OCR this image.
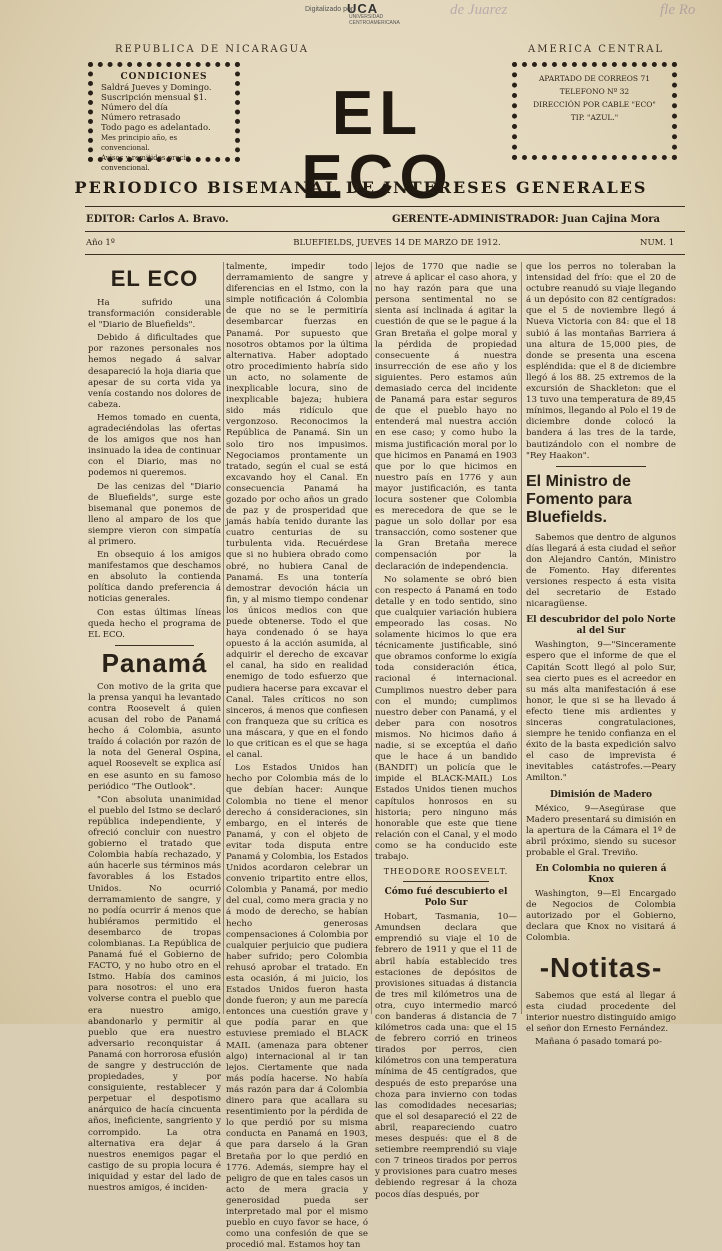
Digitalizado por
UCA
UNIVERSIDAD CENTROAMERICANA
de Juarez	fle Ro
REPUBLICA DE NICARAGUA	AMERICA CENTRAL
CONDICIONES
Saldrá Jueves y Domingo.
Suscripción mensual $1.
Número del día
Número retrasado
Todo pago es adelantado.
Mes principio año, es convencional.
Avisos y remitidos precio convencional.
EL ECO
APARTADO DE CORREOS 71
TELEFONO Nº 32
DIRECCIÓN POR CABLE "ECO"
TIP. "AZUL."
PERIODICO BISEMANAL DE INTERESES GENERALES
EDITOR: Carlos A. Bravo.	GERENTE-ADMINISTRADOR: Juan Cajina Mora
Año 1º	BLUEFIELDS, JUEVES 14 DE MARZO DE 1912.	NUM. 1
EL ECO

Ha sufrido una transformación considerable el "Diario de Bluefields".

Debido á dificultades que por razones personales nos hemos negado á salvar desapareció la hoja diaria que apesar de su corta vida ya venía costando nos dolores de cabeza.

Hemos tomado en cuenta, agradeciéndolas las ofertas de los amigos que nos han insinuado la idea de continuar con el Diario, mas no podemos ni queremos.

De las cenizas del "Diario de Bluefields", surge este bisemanal que ponemos de lleno al amparo de los que siempre vieron con simpatía al primero.

En obsequio á los amigos manifestamos que deschamos en absoluto la contienda política dando preferencia á noticias generales.

Con estas últimas líneas queda hecho el programa de EL ECO.

Panamá

Con motivo de la grita que la prensa yanqui ha levantado contra Roosevelt á quien acusan del robo de Panamá hecho á Colombia, asunto traído á colación por razón de la nota del General Ospina, aquel Roosevelt se explica así en ese asunto en su famoso periódico "The Outlook".

"Con absoluta unanimidad el pueblo del Istmo se declaró república independiente, y ofreció concluir con nuestro gobierno el tratado que Colombia había rechazado, y aún hacerle sus términos más favorables á los Estados Unidos. No ocurrió derramamiento de sangre, y no podía ocurrir á menos que hubiéramos permitido el desembarco de tropas colombianas. La República de Panamá fué el Gobierno de FACTO, y no hubo otro en el Istmo. Había dos caminos para nosotros: el uno era volverse contra el pueblo que era nuestro amigo, abandonarlo y permitir al pueblo que era nuestro adversario reconquistar á Panamá con horrorosa efusión de sangre y destrucción de propiedades, y por consiguiente, restablecer y perpetuar el despotismo anárquico de hacía cincuenta años, ineficiente, sangriento y corrompido. La otra alternativa era dejar á nuestros enemigos pagar el castigo de su propia locura é iniquidad y estar del lado de nuestros amigos, é inciden-

talmente, impedir todo derramamiento de sangre y diferencias en el Istmo, con la simple notificación á Colombia de que no se le permitiría desembarcar fuerzas en Panamá. Por supuesto que nosotros obtamos por la última alternativa. Haber adoptado otro procedimiento habría sido un acto, no solamente de inexplicable locura, sino de inexplicable bajeza; hubiera sido más ridículo que vergonzoso. Reconocimos la República de Panamá. Sin un solo tiro nos impusimos. Negociamos prontamente un tratado, según el cual se está excavando hoy el Canal. En consecuencia Panamá ha gozado por ocho años un grado de paz y de prosperidad que jamás había tenido durante las cuatro centurias de su turbulenta vida. Recuérdese que si no hubiera obrado como obré, no hubiera Canal de Panamá. Es una tontería demostrar devoción hácia un fin, y al mismo tiempo condenar los únicos medios con que puede obtenerse. Todo el que haya condenado ó se haya opuesto á la acción asumida, al adquirir el derecho de excavar el canal, ha sido en realidad enemigo de todo esfuerzo que pudiera hacerse para excavar el Canal. Tales críticos no son sinceros, á menos que confiesen con franqueza que su crítica es una máscara, y que en el fondo lo que critican es el que se haga el canal.

Los Estados Unidos han hecho por Colombia más de lo que debían hacer: Aunque Colombia no tiene el menor derecho á consideraciones, sin embargo, en el interés de Panamá, y con el objeto de evitar toda disputa entre Panamá y Colombia, los Estados Unidos acordaron celebrar un convenio tripartito entre ellos, Colombia y Panamá, por medio del cual, como mera gracia y no á modo de derecho, se habían hecho generosas compensaciones á Colombia por cualquier perjuicio que pudiera haber sufrido; pero Colombia rehusó aprobar el tratado. En esta ocasión, á mi juicio, los Estados Unidos fueron hasta donde fueron; y aun me parecía entonces una cuestión grave y que podía parar en que estuviese premiado el BLACK MAIL (amenaza para obtener algo) internacional al ir tan lejos. Ciertamente que nada más podía hacerse. No había más razón para dar á Colombia dinero para que acallara su resentimiento por la pérdida de lo que perdió por su misma conducta en Panamá en 1903, que para darselo á la Gran Bretaña por lo que perdió en 1776. Además, siempre hay el peligro de que en tales casos un acto de mera gracia y generosidad pueda ser interpretado mal por el mismo pueblo en cuyo favor se hace, ó como una confesión de que se procedió mal. Estamos hoy tan

lejos de 1770 que nadie se atreve á aplicar el caso ahora, y no hay razón para que una persona sentimental no se sienta así inclinada á agitar la cuestión de que se le pague á la Gran Bretaña el golpe moral y la pérdida de propiedad consecuente á nuestra insurrección de ese año y los siguientes. Pero estamos aún demasiado cerca del incidente de Panamá para estar seguros de que el pueblo hayo no entenderá mal nuestra acción en ese caso; y como hubo la misma justificación moral por lo que hicimos en Panamá en 1903 que por lo que hicimos en nuestro país en 1776 y aun mayor justificación, es tanta locura sostener que Colombia es merecedora de que se le pague un solo dollar por esa transacción, como sostener que la Gran Bretaña merece compensación por la declaración de independencia.

No solamente se obró bien con respecto á Panamá en todo detalle y en todo sentido, sino que cualquier variación hubiera empeorado las cosas. No solamente hicimos lo que era técnicamente justificable, sinó que obramos conforme lo exigía toda consideración ética, racional é internacional. Cumplimos nuestro deber para con el mundo; cumplimos nuestro deber con Panamá, y el deber para con nosotros mismos. No hicimos daño á nadie, si se exceptúa el daño que le hace á un bandido (BANDIT) un policía que le impide el BLACK-MAIL) Los Estados Unidos tienen muchos capítulos honrosos en su historia; pero ninguno más honorable que este que tiene relación con el Canal, y el modo como se ha conducido este trabajo.

THEODORE ROOSEVELT.
Cómo fué descubierto el Polo Sur

Hobart, Tasmania, 10—Amundsen declara que emprendió su viaje el 10 de febrero de 1911 y que el 11 de abril había establecido tres estaciones de depósitos de provisiones situadas á distancia de tres mil kilómetros una de otra, cuyo intermedio marcó con banderas á distancia de 7 kilómetros cada una: que el 15 de febrero corrió en trineos tirados por perros, cien kilómetros con una temperatura mínima de 45 centígrados, que después de esto preparóse una choza para invierno con todas las comodidades necesarias; que el sol desapareció el 22 de abril, reapareciendo cuatro meses después: que el 8 de setiembre reemprendió su viaje con 7 trineos tirados por perros y provisiones para cuatro meses debiendo regresar á la choza pocos días después, por

que los perros no toleraban la intensidad del frío: que el 20 de octubre reanudó su viaje llegando á un depósito con 82 centígrados: que el 5 de noviembre llegó á Nueva Victoria con 84: que el 18 subió á las montañas Barriera á una altura de 15,000 pies, de donde se presenta una escena espléndida: que el 8 de diciembre llegó á los 88. 25 extremos de la excursión de Shackleton: que el 13 tuvo una temperatura de 89,45 mínimos, llegando al Polo el 19 de diciembre donde colocó la bandera á las tres de la tarde, bautizándolo con el nombre de "Rey Haakon".

El Ministro de Fomento para Bluefields.

Sabemos que dentro de algunos días llegará á esta ciudad el señor don Alejandro Cantón, Ministro de Fomento. Hay diferentes versiones respecto á esta visita del secretario de Estado nicaragüense.

El descubridor del polo Norte al del Sur

Washington, 9—"Sinceramente espero que el informe de que el Capitán Scott llegó al polo Sur, sea cierto pues es el acreedor en su más alta manifestación á ese honor, le que si se ha llevado á efecto tiene mis ardientes y sinceras congratulaciones, siempre he tenido confianza en el éxito de la basta expedición salvo el caso de imprevista é inevitables catástrofes.—Peary Amilton."

Dimisión de Madero

México, 9—Asegúrase que Madero presentará su dimisión en la apertura de la Cámara el 1º de abril próximo, siendo su sucesor probable el Gral. Treviño.

En Colombia no quieren á Knox

Washington, 9—El Encargado de Negocios de Colombia autorizado por el Gobierno, declara que Knox no visitará á Colombia.

-Notitas-

Sabemos que está al llegar á esta ciudad procedente del interior nuestro distinguido amigo el señor don Ernesto Fernández.

Mañana ó pasado tomará po-
